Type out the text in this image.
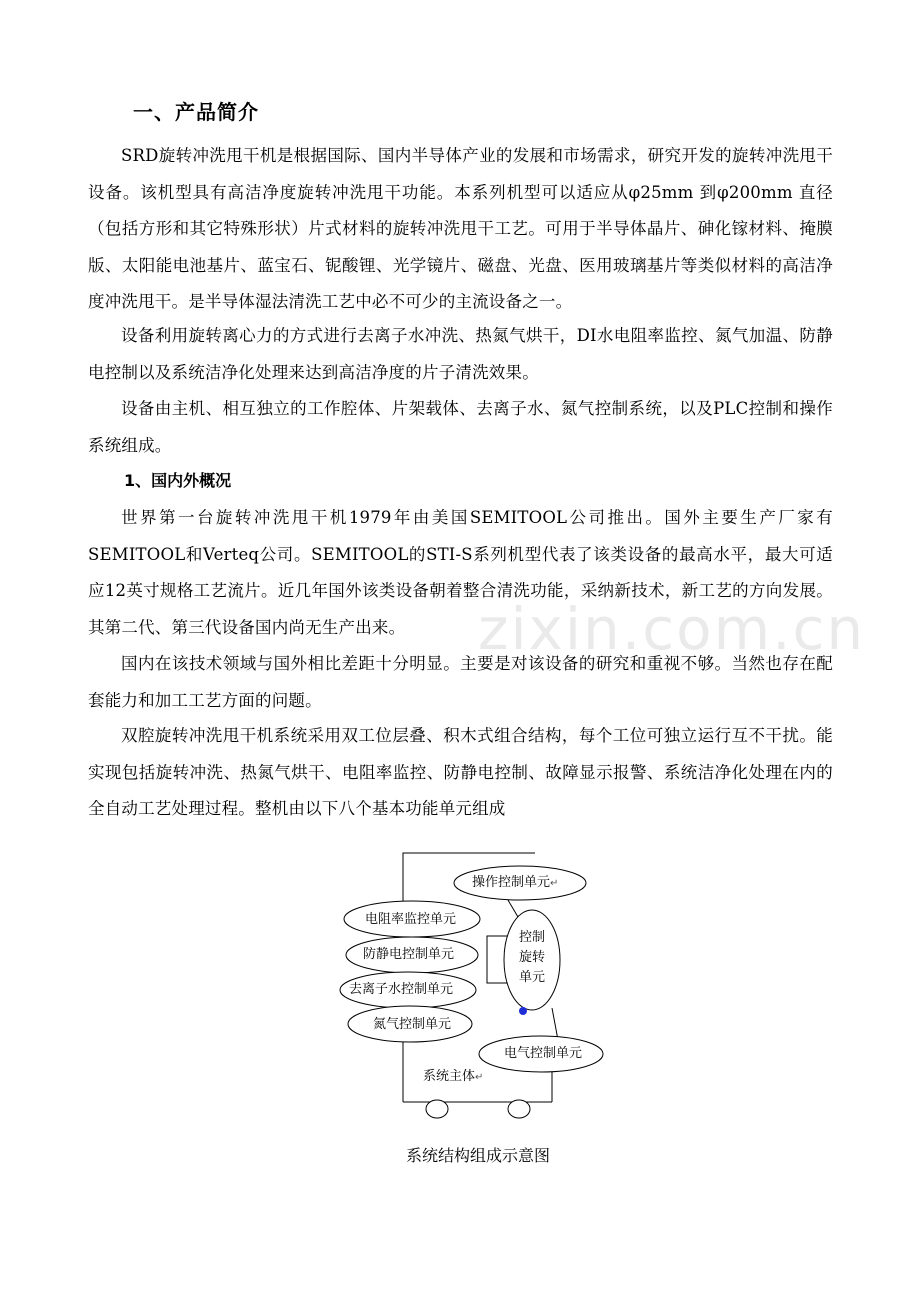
一、产品简介

SRD旋转冲洗甩干机是根据国际、国内半导体产业的发展和市场需求，研究开发的旋转冲洗甩干设备。该机型具有高洁净度旋转冲洗甩干功能。本系列机型可以适应从φ25mm 到φ200mm 直径（包括方形和其它特殊形状）片式材料的旋转冲洗甩干工艺。可用于半导体晶片、砷化镓材料、掩膜版、太阳能电池基片、蓝宝石、铌酸锂、光学镜片、磁盘、光盘、医用玻璃基片等类似材料的高洁净度冲洗甩干。是半导体湿法清洗工艺中必不可少的主流设备之一。

设备利用旋转离心力的方式进行去离子水冲洗、热氮气烘干，DI水电阻率监控、氮气加温、防静电控制以及系统洁净化处理来达到高洁净度的片子清洗效果。

设备由主机、相互独立的工作腔体、片架载体、去离子水、氮气控制系统，以及PLC控制和操作系统组成。

1、国内外概况

世界第一台旋转冲洗甩干机1979年由美国SEMITOOL公司推出。国外主要生产厂家有SEMITOOL和Verteq公司。SEMITOOL的STI-S系列机型代表了该类设备的最高水平，最大可适应12英寸规格工艺流片。近几年国外该类设备朝着整合清洗功能，采纳新技术，新工艺的方向发展。其第二代、第三代设备国内尚无生产出来。

国内在该技术领域与国外相比差距十分明显。主要是对该设备的研究和重视不够。当然也存在配套能力和加工工艺方面的问题。

双腔旋转冲洗甩干机系统采用双工位层叠、积木式组合结构，每个工位可独立运行互不干扰。能实现包括旋转冲洗、热氮气烘干、电阻率监控、防静电控制、故障显示报警、系统洁净化处理在内的全自动工艺处理过程。整机由以下八个基本功能单元组成

zixin.com.cn
操作控制单元↵
电阻率监控单元
防静电控制单元
去离子水控制单元
氮气控制单元
控制
旋转
单元
电气控制单元
系统主体↵
系统结构组成示意图
